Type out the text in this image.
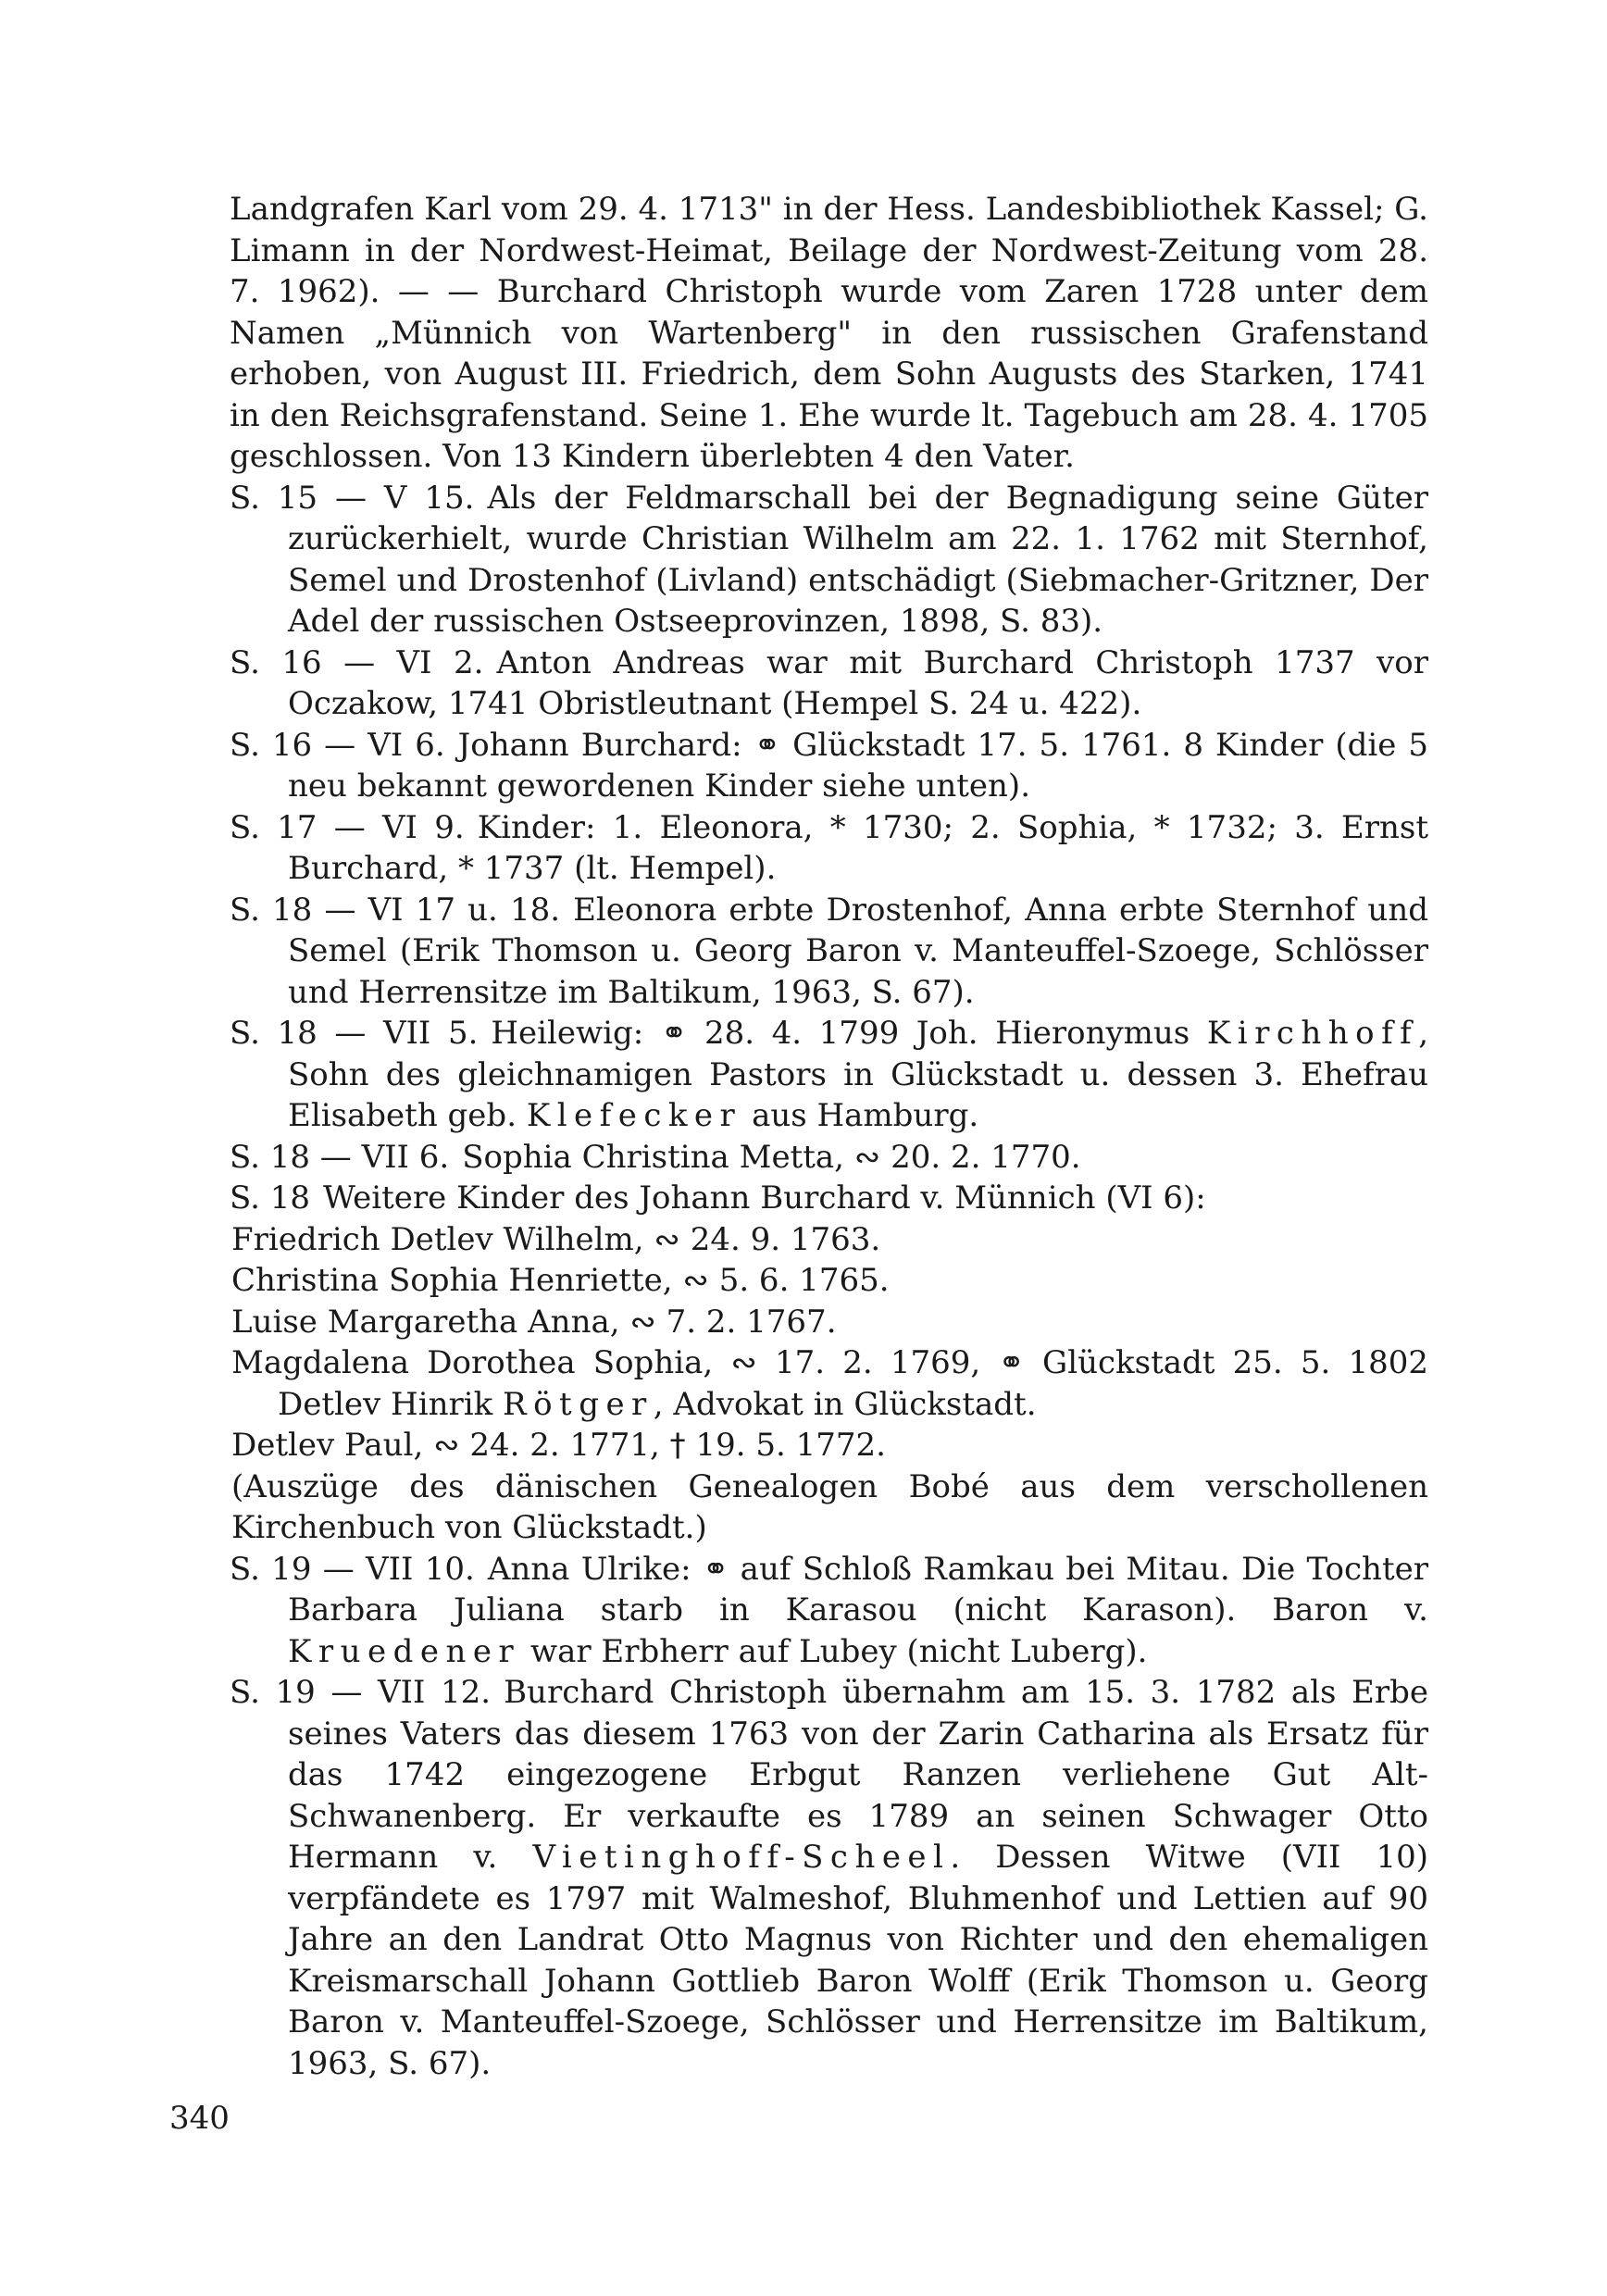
Landgrafen Karl vom 29. 4. 1713" in der Hess. Landesbibliothek Kassel; G. Limann in der Nordwest-Heimat, Beilage der Nordwest-Zeitung vom 28. 7. 1962). — — Burchard Christoph wurde vom Zaren 1728 unter dem Namen „Münnich von Wartenberg" in den russischen Grafenstand erhoben, von August III. Friedrich, dem Sohn Augusts des Starken, 1741 in den Reichsgrafenstand. Seine 1. Ehe wurde lt. Tagebuch am 28. 4. 1705 geschlossen. Von 13 Kindern überlebten 4 den Vater.
S. 15 — V 15. Als der Feldmarschall bei der Begnadigung seine Güter zurückerhielt, wurde Christian Wilhelm am 22. 1. 1762 mit Sternhof, Semel und Drostenhof (Livland) entschädigt (Siebmacher-Gritzner, Der Adel der russischen Ostseeprovinzen, 1898, S. 83).
S. 16 — VI 2. Anton Andreas war mit Burchard Christoph 1737 vor Oczakow, 1741 Obristleutnant (Hempel S. 24 u. 422).
S. 16 — VI 6. Johann Burchard: ⚭ Glückstadt 17. 5. 1761. 8 Kinder (die 5 neu bekannt gewordenen Kinder siehe unten).
S. 17 — VI 9. Kinder: 1. Eleonora, * 1730; 2. Sophia, * 1732; 3. Ernst Burchard, * 1737 (lt. Hempel).
S. 18 — VI 17 u. 18. Eleonora erbte Drostenhof, Anna erbte Sternhof und Semel (Erik Thomson u. Georg Baron v. Manteuffel-Szoege, Schlösser und Herrensitze im Baltikum, 1963, S. 67).
S. 18 — VII 5. Heilewig: ⚭ 28. 4. 1799 Joh. Hieronymus Kirchhoff, Sohn des gleichnamigen Pastors in Glückstadt u. dessen 3. Ehefrau Elisabeth geb. Klefecker aus Hamburg.
S. 18 — VII 6. Sophia Christina Metta, ∾ 20. 2. 1770.
S. 18 Weitere Kinder des Johann Burchard v. Münnich (VI 6):
Friedrich Detlev Wilhelm, ∾ 24. 9. 1763.
Christina Sophia Henriette, ∾ 5. 6. 1765.
Luise Margaretha Anna, ∾ 7. 2. 1767.
Magdalena Dorothea Sophia, ∾ 17. 2. 1769, ⚭ Glückstadt 25. 5. 1802 Detlev Hinrik Rötger, Advokat in Glückstadt.
Detlev Paul, ∾ 24. 2. 1771, † 19. 5. 1772.
(Auszüge des dänischen Genealogen Bobé aus dem verschollenen Kirchenbuch von Glückstadt.)
S. 19 — VII 10. Anna Ulrike: ⚭ auf Schloß Ramkau bei Mitau. Die Tochter Barbara Juliana starb in Karasou (nicht Karason). Baron v. Kruedener war Erbherr auf Lubey (nicht Luberg).
S. 19 — VII 12. Burchard Christoph übernahm am 15. 3. 1782 als Erbe seines Vaters das diesem 1763 von der Zarin Catharina als Ersatz für das 1742 eingezogene Erbgut Ranzen verliehene Gut Alt-Schwanenberg. Er verkaufte es 1789 an seinen Schwager Otto Hermann v. Vietinghoff-Scheel. Dessen Witwe (VII 10) verpfändete es 1797 mit Walmeshof, Bluhmenhof und Lettien auf 90 Jahre an den Landrat Otto Magnus von Richter und den ehemaligen Kreismarschall Johann Gottlieb Baron Wolff (Erik Thomson u. Georg Baron v. Manteuffel-Szoege, Schlösser und Herrensitze im Baltikum, 1963, S. 67).
340
